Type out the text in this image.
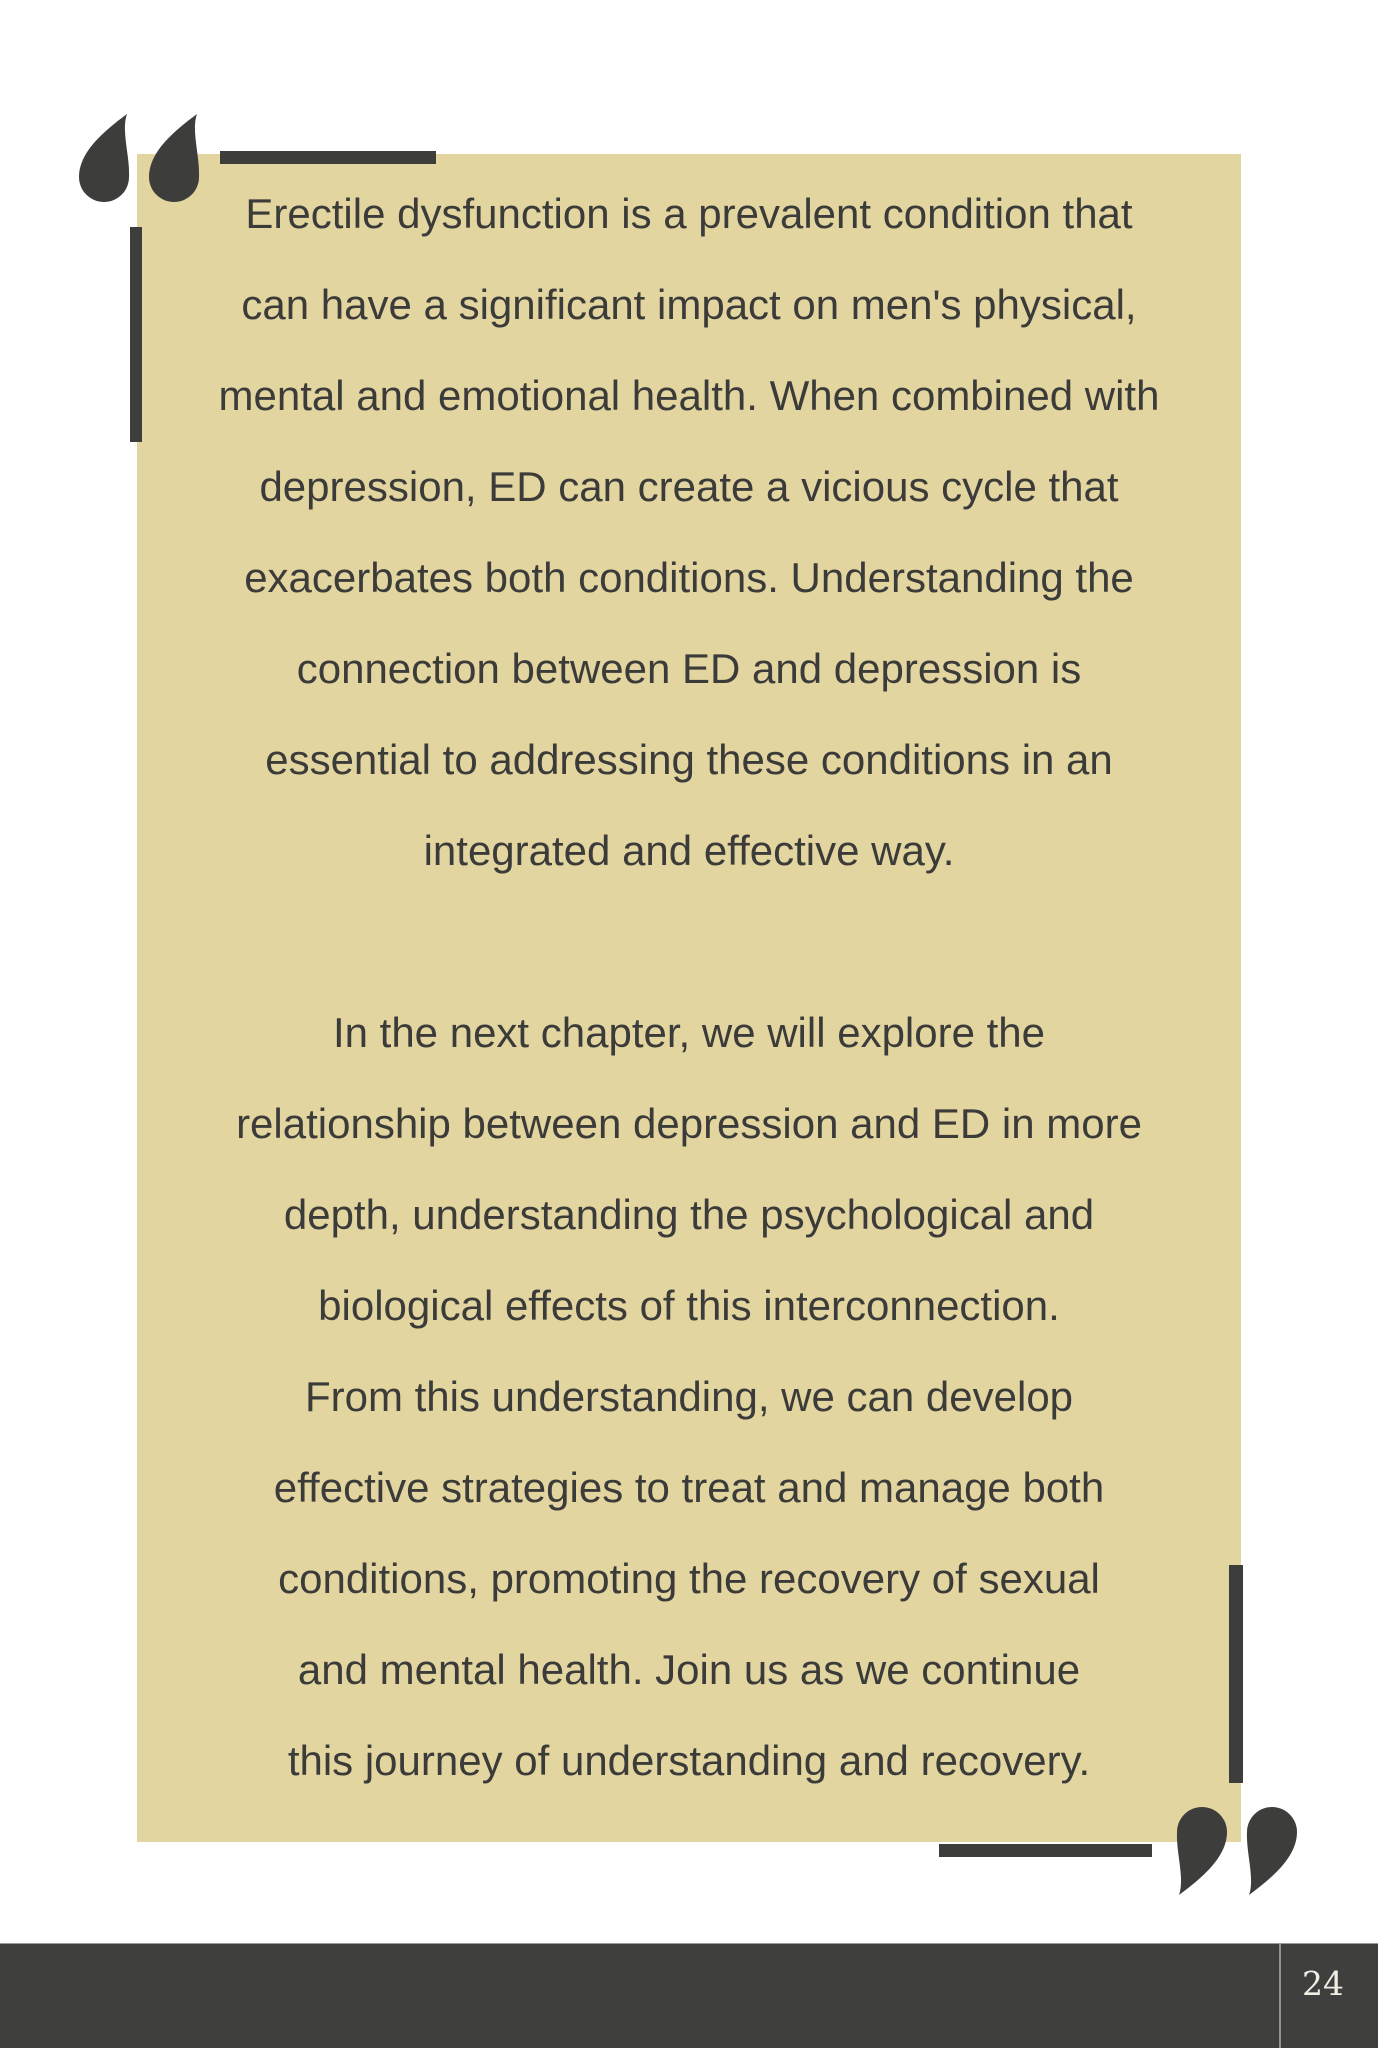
Erectile dysfunction is a prevalent condition that
can have a significant impact on men's physical,
mental and emotional health. When combined with
depression, ED can create a vicious cycle that
exacerbates both conditions. Understanding the
connection between ED and depression is
essential to addressing these conditions in an
integrated and effective way.

In the next chapter, we will explore the
relationship between depression and ED in more
depth, understanding the psychological and
biological effects of this interconnection.
From this understanding, we can develop
effective strategies to treat and manage both
conditions, promoting the recovery of sexual
and mental health. Join us as we continue
this journey of understanding and recovery.

24
